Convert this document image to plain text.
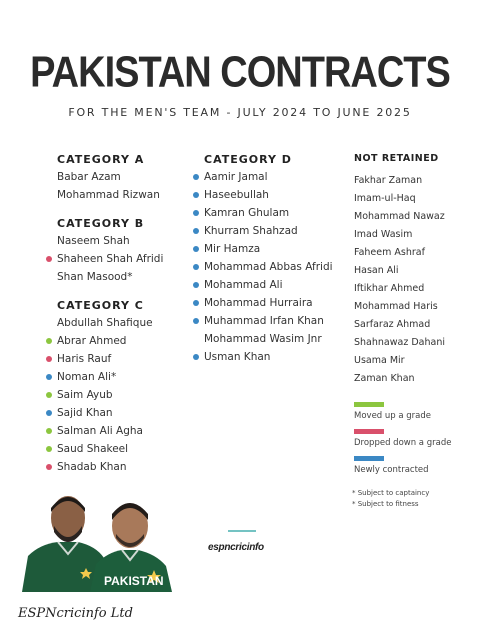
PAKISTAN CONTRACTS
FOR THE MEN'S TEAM - JULY 2024 TO JUNE 2025
CATEGORY A
Babar Azam
Mohammad Rizwan
CATEGORY B
Naseem Shah
Shaheen Shah Afridi
Shan Masood*
CATEGORY C
Abdullah Shafique
Abrar Ahmed
Haris Rauf
Noman Ali*
Saim Ayub
Sajid Khan
Salman Ali Agha
Saud Shakeel
Shadab Khan
CATEGORY D
Aamir Jamal
Haseebullah
Kamran Ghulam
Khurram Shahzad
Mir Hamza
Mohammad Abbas Afridi
Mohammad Ali
Mohammad Hurraira
Muhammad Irfan Khan
Mohammad Wasim Jnr
Usman Khan
NOT RETAINED
Fakhar Zaman
Imam-ul-Haq
Mohammad Nawaz
Imad Wasim
Faheem Ashraf
Hasan Ali
Iftikhar Ahmed
Mohammad Haris
Sarfaraz Ahmad
Shahnawaz Dahani
Usama Mir
Zaman Khan
Moved up a grade
Dropped down a grade
Newly contracted
* Subject to captaincy
* Subject to fitness
PAKISTAN
espncricinfo
ESPNcricinfo Ltd
